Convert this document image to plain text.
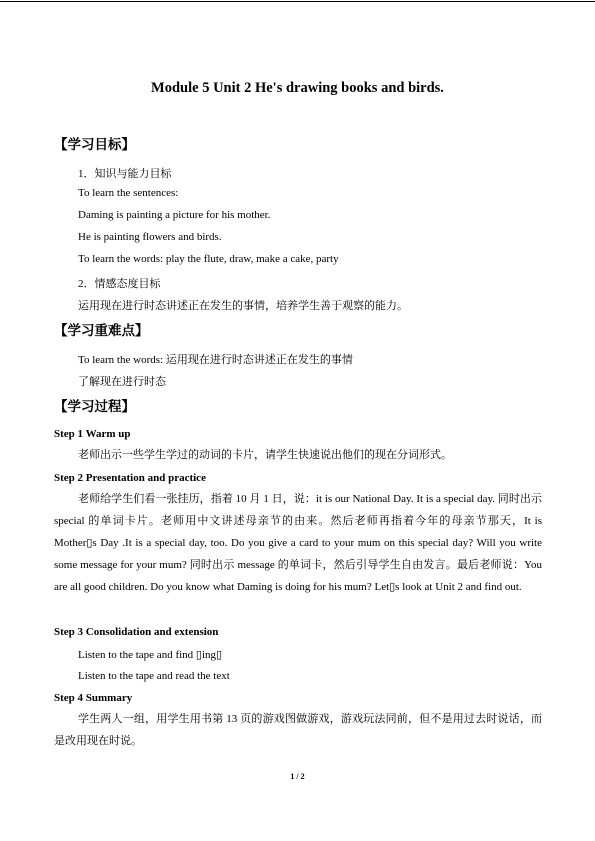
Module 5 Unit 2 He's drawing books and birds.
【学习目标】
1．知识与能力目标
To learn the sentences:
Daming is painting a picture for his mother.
He is painting flowers and birds.
To learn the words: play the flute, draw, make a cake, party
2．情感态度目标
运用现在进行时态讲述正在发生的事情，培养学生善于观察的能力。
【学习重难点】
To learn the words: 运用现在进行时态讲述正在发生的事情
了解现在进行时态
【学习过程】
Step 1 Warm up
老师出示一些学生学过的动词的卡片，请学生快速说出他们的现在分词形式。
Step 2 Presentation and practice
老师给学生们看一张挂历，指着 10 月 1 日，说：it is our National Day. It is a special day. 同时出示 special 的单词卡片。老师用中文讲述母亲节的由来。然后老师再指着今年的母亲节那天，It is Mother▯s Day .It is a special day, too. Do you give a card to your mum on this special day? Will you write some message for your mum? 同时出示 message 的单词卡，然后引导学生自由发言。最后老师说：You are all good children. Do you know what Daming is doing for his mum? Let▯s look at Unit 2 and find out.
Step 3 Consolidation and extension
Listen to the tape and find ▯ing▯
Listen to the tape and read the text
Step 4 Summary
学生两人一组，用学生用书第 13 页的游戏图做游戏，游戏玩法同前，但不是用过去时说话，而是改用现在时说。
1 / 2
